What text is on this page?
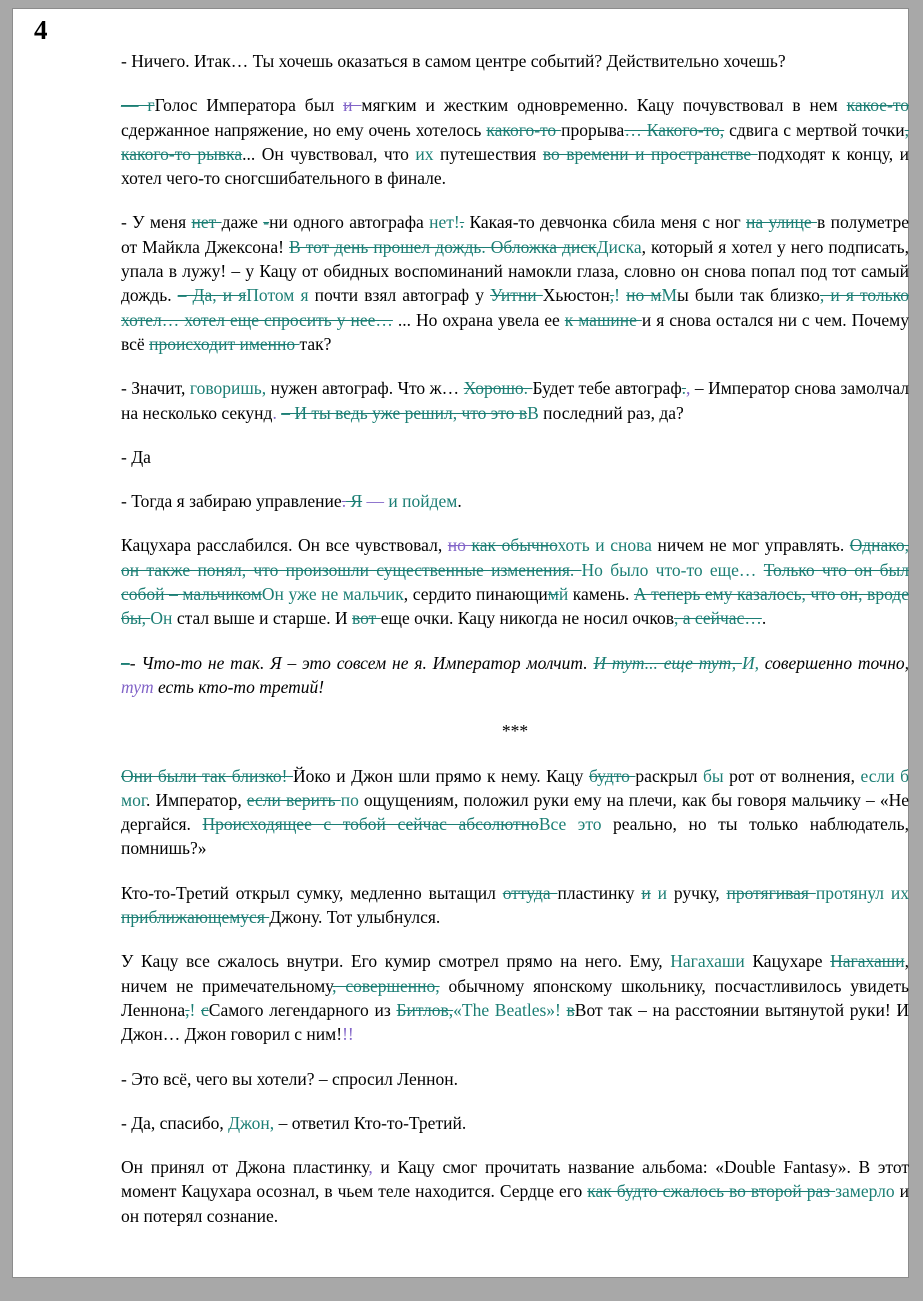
4

- Ничего. Итак… Ты хочешь оказаться в самом центре событий? Действительно хочешь?

— гГолос Императора был и мягким и жестким одновременно. Кацу почувствовал в нем какое-то сдержанное напряжение, но ему очень хотелось какого-то прорыва… Какого-то, сдвига с мертвой точки, какого-то рывка... Он чувствовал, что их путешествия во времени и пространстве подходят к концу, и хотел чего-то сногсшибательного в финале.

- У меня нет даже -ни одного автографа нет!. Какая-то девчонка сбила меня с ног на улице в полуметре от Майкла Джексона! В тот день прошел дождь. Обложка дискДиска, который я хотел у него подписать, упала в лужу! – у Кацу от обидных воспоминаний намокли глаза, словно он снова попал под тот самый дождь. – Да, и яПотом я почти взял автограф у Уитни Хьюстон,! но мМы были так близко, и я только хотел… хотел еще спросить у нее… ... Но охрана увела ее к машине и я снова остался ни с чем. Почему всё происходит именно так?

- Значит, говоришь, нужен автограф. Что ж… Хорошо. Будет тебе автограф., – Император снова замолчал на несколько секунд. – И ты ведь уже решил, что это вВ последний раз, да?

- Да

- Тогда я забираю управление. Я — и пойдем.

Кацухара расслабился. Он все чувствовал, но как обычнохоть и снова ничем не мог управлять. Однако, он также понял, что произошли существенные изменения. Но было что-то еще… Только что он был собой – мальчикомОн уже не мальчик, сердито пинающимй камень. А теперь ему казалось, что он, вроде бы, Он стал выше и старше. И вот еще очки. Кацу никогда не носил очков, а сейчас….

–- Что-то не так. Я – это совсем не я. Император молчит. И тут... еще тут, И, совершенно точно, тут есть кто-то третий!

***

Они были так близко! Йоко и Джон шли прямо к нему. Кацу будто раскрыл бы рот от волнения, если б мог. Император, если верить по ощущениям, положил руки ему на плечи, как бы говоря мальчику – «Не дергайся. Происходящее с тобой сейчас абсолютноВсе это реально, но ты только наблюдатель, помнишь?»

Кто-то-Третий открыл сумку, медленно вытащил оттуда пластинку и и ручку, протягивая протянул их приближающемуся Джону. Тот улыбнулся.

У Кацу все сжалось внутри. Его кумир смотрел прямо на него. Ему, Нагахаши Кацухаре Нагахаши, ничем не примечательному, совершенно, обычному японскому школьнику, посчастливилось увидеть Леннона,! сСамого легендарного из Битлов,«The Beatles»! вВот так – на расстоянии вытянутой руки! И Джон… Джон говорил с ним!!!

- Это всё, чего вы хотели? – спросил Леннон.

- Да, спасибо, Джон, – ответил Кто-то-Третий.

Он принял от Джона пластинку, и Кацу смог прочитать название альбома: «Double Fantasy». В этот момент Кацухара осознал, в чьем теле находится. Сердце его как будто сжалось во второй раз замерло и он потерял сознание.
